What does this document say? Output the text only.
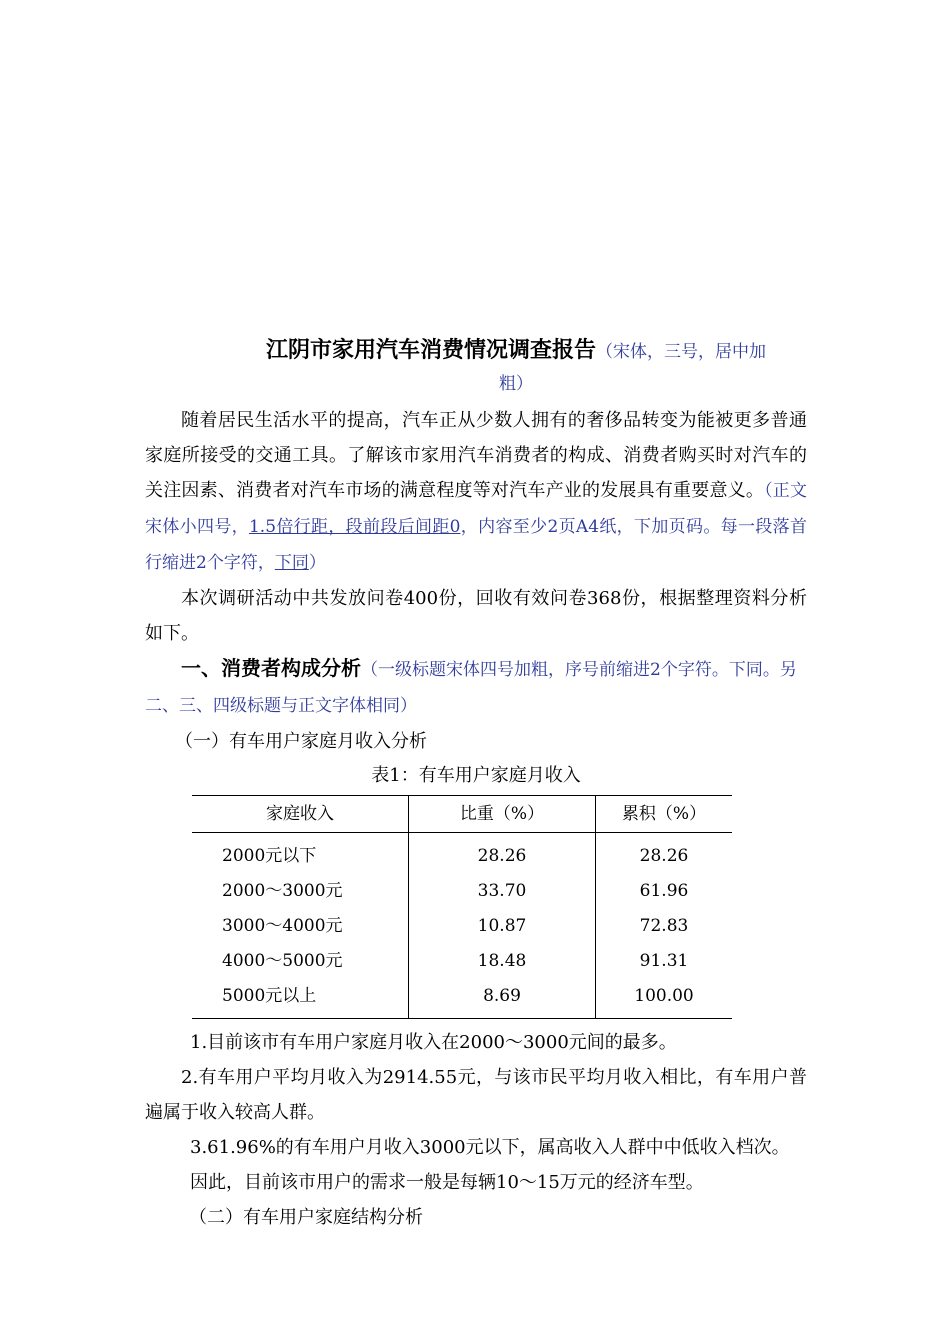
江阴市家用汽车消费情况调查报告（宋体，三号，居中加
粗）

随着居民生活水平的提高，汽车正从少数人拥有的奢侈品转变为能被更多普通家庭所接受的交通工具。了解该市家用汽车消费者的构成、消费者购买时对汽车的关注因素、消费者对汽车市场的满意程度等对汽车产业的发展具有重要意义。（正文宋体小四号，1.5倍行距，段前段后间距0，内容至少2页A4纸，下加页码。每一段落首行缩进2个字符，下同）

本次调研活动中共发放问卷400份，回收有效问卷368份，根据整理资料分析如下。

一、消费者构成分析（一级标题宋体四号加粗，序号前缩进2个字符。下同。另二、三、四级标题与正文字体相同）
（一）有车用户家庭月收入分析
表1：有车用户家庭月收入
家庭收入	比重（%）	累积（%）
2000元以下	28.26	28.26
2000～3000元	33.70	61.96
3000～4000元	10.87	72.83
4000～5000元	18.48	91.31
5000元以上	8.69	100.00

1.目前该市有车用户家庭月收入在2000～3000元间的最多。

2.有车用户平均月收入为2914.55元，与该市民平均月收入相比，有车用户普遍属于收入较高人群。

3.61.96%的有车用户月收入3000元以下，属高收入人群中中低收入档次。

因此，目前该市用户的需求一般是每辆10～15万元的经济车型。

（二）有车用户家庭结构分析
